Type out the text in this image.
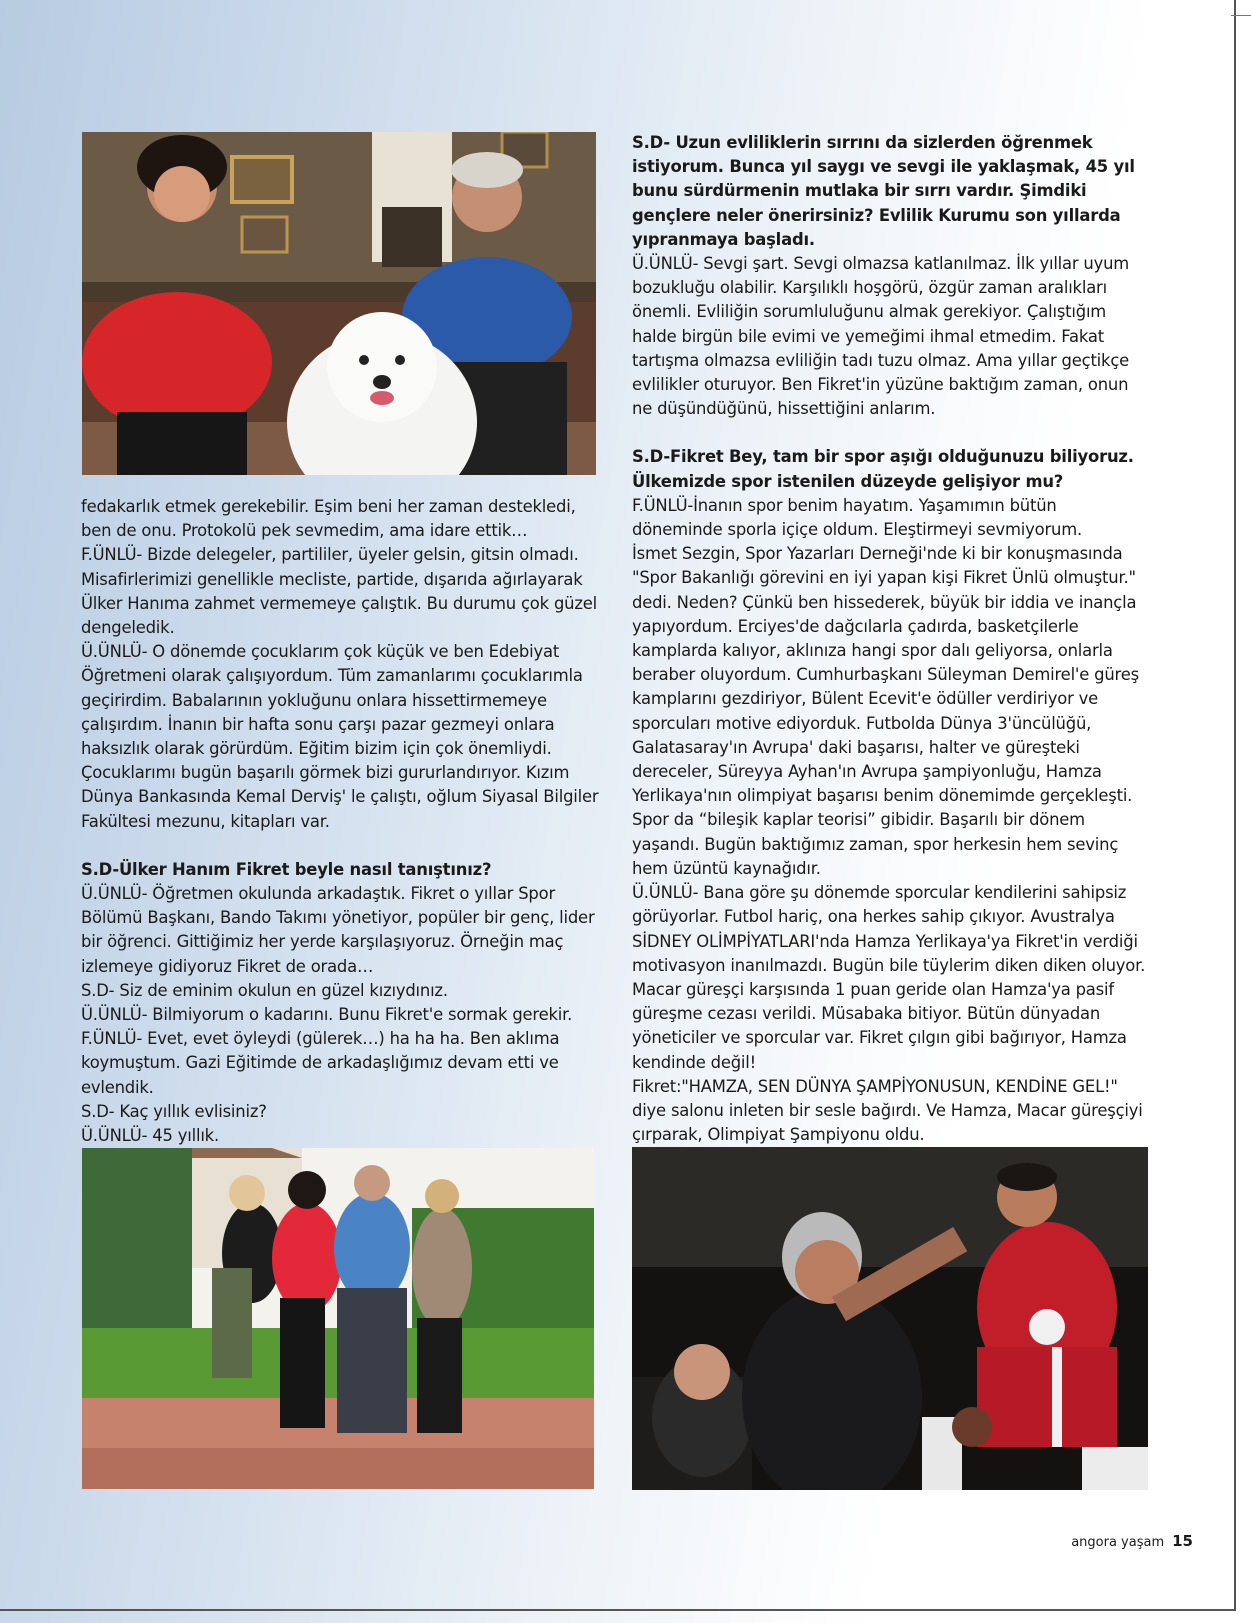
S.D- Uzun evliliklerin sırrını da sizlerden öğrenmek istiyorum. Bunca yıl saygı ve sevgi ile yaklaşmak, 45 yıl bunu sürdürmenin mutlaka bir sırrı vardır. Şimdiki gençlere neler önerirsiniz? Evlilik Kurumu son yıllarda yıpranmaya başladı.

Ü.ÜNLÜ- Sevgi şart. Sevgi olmazsa katlanılmaz. İlk yıllar uyum bozukluğu olabilir. Karşılıklı hoşgörü, özgür zaman aralıkları önemli. Evliliğin sorumluluğunu almak gerekiyor. Çalıştığım halde birgün bile evimi ve yemeğimi ihmal etmedim. Fakat tartışma olmazsa evliliğin tadı tuzu olmaz. Ama yıllar geçtikçe evlilikler oturuyor. Ben Fikret'in yüzüne baktığım zaman, onun ne düşündüğünü, hissettiğini anlarım.

S.D-Fikret Bey, tam bir spor aşığı olduğunuzu biliyoruz. Ülkemizde spor istenilen düzeyde gelişiyor mu?

F.ÜNLÜ-İnanın spor benim hayatım. Yaşamımın bütün döneminde sporla içiçe oldum. Eleştirmeyi sevmiyorum.

İsmet Sezgin, Spor Yazarları Derneği'nde ki bir konuşmasında "Spor Bakanlığı görevini en iyi yapan kişi Fikret Ünlü olmuştur." dedi. Neden? Çünkü ben hissederek, büyük bir iddia ve inançla yapıyordum. Erciyes'de dağcılarla çadırda, basketçilerle kamplarda kalıyor, aklınıza hangi spor dalı geliyorsa, onlarla beraber oluyordum. Cumhurbaşkanı Süleyman Demirel'e güreş kamplarını gezdiriyor, Bülent Ecevit'e ödüller verdiriyor ve sporcuları motive ediyorduk. Futbolda Dünya 3'üncülüğü, Galatasaray'ın Avrupa' daki başarısı, halter ve güreşteki dereceler, Süreyya Ayhan'ın Avrupa şampiyonluğu, Hamza Yerlikaya'nın olimpiyat başarısı benim dönemimde gerçekleşti. Spor da “bileşik kaplar teorisi” gibidir. Başarılı bir dönem yaşandı. Bugün baktığımız zaman, spor herkesin hem sevinç hem üzüntü kaynağıdır.

Ü.ÜNLÜ- Bana göre şu dönemde sporcular kendilerini sahipsiz görüyorlar. Futbol hariç, ona herkes sahip çıkıyor. Avustralya SİDNEY OLİMPİYATLARI'nda Hamza Yerlikaya'ya Fikret'in verdiği motivasyon inanılmazdı. Bugün bile tüylerim diken diken oluyor. Macar güreşçi karşısında 1 puan geride olan Hamza'ya pasif güreşme cezası verildi. Müsabaka bitiyor. Bütün dünyadan yöneticiler ve sporcular var. Fikret çılgın gibi bağırıyor, Hamza kendinde değil!

Fikret:"HAMZA, SEN DÜNYA ŞAMPİYONUSUN, KENDİNE GEL!" diye salonu inleten bir sesle bağırdı. Ve Hamza, Macar güreşçiyi çırparak, Olimpiyat Şampiyonu oldu.

fedakarlık etmek gerekebilir. Eşim beni her zaman destekledi, ben de onu. Protokolü pek sevmedim, ama idare ettik…

F.ÜNLÜ- Bizde delegeler, partililer, üyeler gelsin, gitsin olmadı. Misafirlerimizi genellikle mecliste, partide, dışarıda ağırlayarak Ülker Hanıma zahmet vermemeye çalıştık. Bu durumu çok güzel dengeledik.

Ü.ÜNLÜ- O dönemde çocuklarım çok küçük ve ben Edebiyat Öğretmeni olarak çalışıyordum. Tüm zamanlarımı çocuklarımla geçirirdim. Babalarının yokluğunu onlara hissettirmemeye çalışırdım. İnanın bir hafta sonu çarşı pazar gezmeyi onlara haksızlık olarak görürdüm. Eğitim bizim için çok önemliydi. Çocuklarımı bugün başarılı görmek bizi gururlandırıyor. Kızım Dünya Bankasında Kemal Derviş' le çalıştı, oğlum Siyasal Bilgiler Fakültesi mezunu, kitapları var.

S.D-Ülker Hanım Fikret beyle nasıl tanıştınız?

Ü.ÜNLÜ- Öğretmen okulunda arkadaştık. Fikret o yıllar Spor Bölümü Başkanı, Bando Takımı yönetiyor, popüler bir genç, lider bir öğrenci. Gittiğimiz her yerde karşılaşıyoruz. Örneğin maç izlemeye gidiyoruz Fikret de orada…

S.D- Siz de eminim okulun en güzel kızıydınız.

Ü.ÜNLÜ- Bilmiyorum o kadarını. Bunu Fikret'e sormak gerekir.

F.ÜNLÜ- Evet, evet öyleydi (gülerek…) ha ha ha. Ben aklıma koymuştum. Gazi Eğitimde de arkadaşlığımız devam etti ve evlendik.

S.D- Kaç yıllık evlisiniz?

Ü.ÜNLÜ- 45 yıllık.

angora yaşam 15
